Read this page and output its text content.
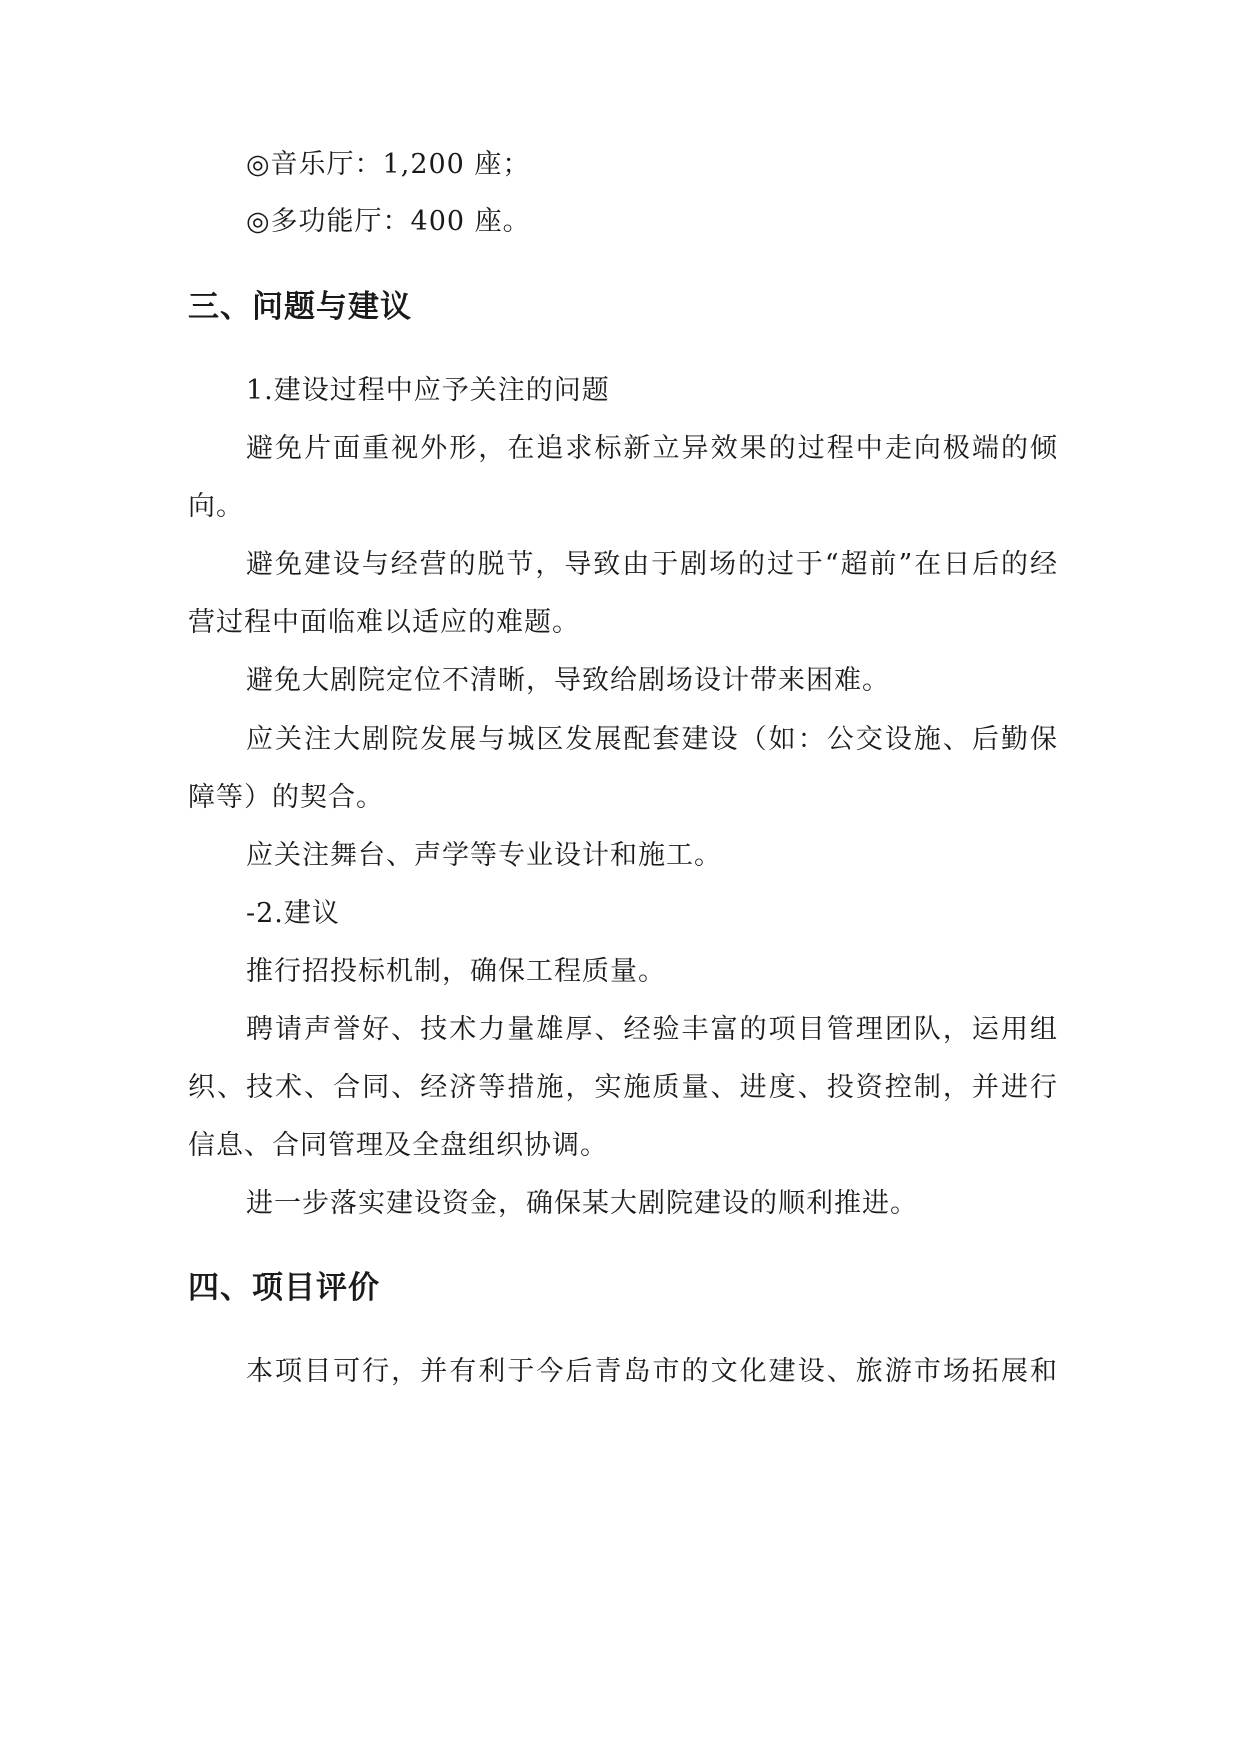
◎音乐厅：1,200 座；
◎多功能厅：400 座。
三、问题与建议
1.建设过程中应予关注的问题
避免片面重视外形，在追求标新立异效果的过程中走向极端的倾
向。
避免建设与经营的脱节，导致由于剧场的过于“超前”在日后的经
营过程中面临难以适应的难题。
避免大剧院定位不清晰，导致给剧场设计带来困难。
应关注大剧院发展与城区发展配套建设（如：公交设施、后勤保
障等）的契合。
应关注舞台、声学等专业设计和施工。
-2.建议
推行招投标机制，确保工程质量。
聘请声誉好、技术力量雄厚、经验丰富的项目管理团队，运用组
织、技术、合同、经济等措施，实施质量、进度、投资控制，并进行
信息、合同管理及全盘组织协调。
进一步落实建设资金，确保某大剧院建设的顺利推进。
四、项目评价
本项目可行，并有利于今后青岛市的文化建设、旅游市场拓展和
